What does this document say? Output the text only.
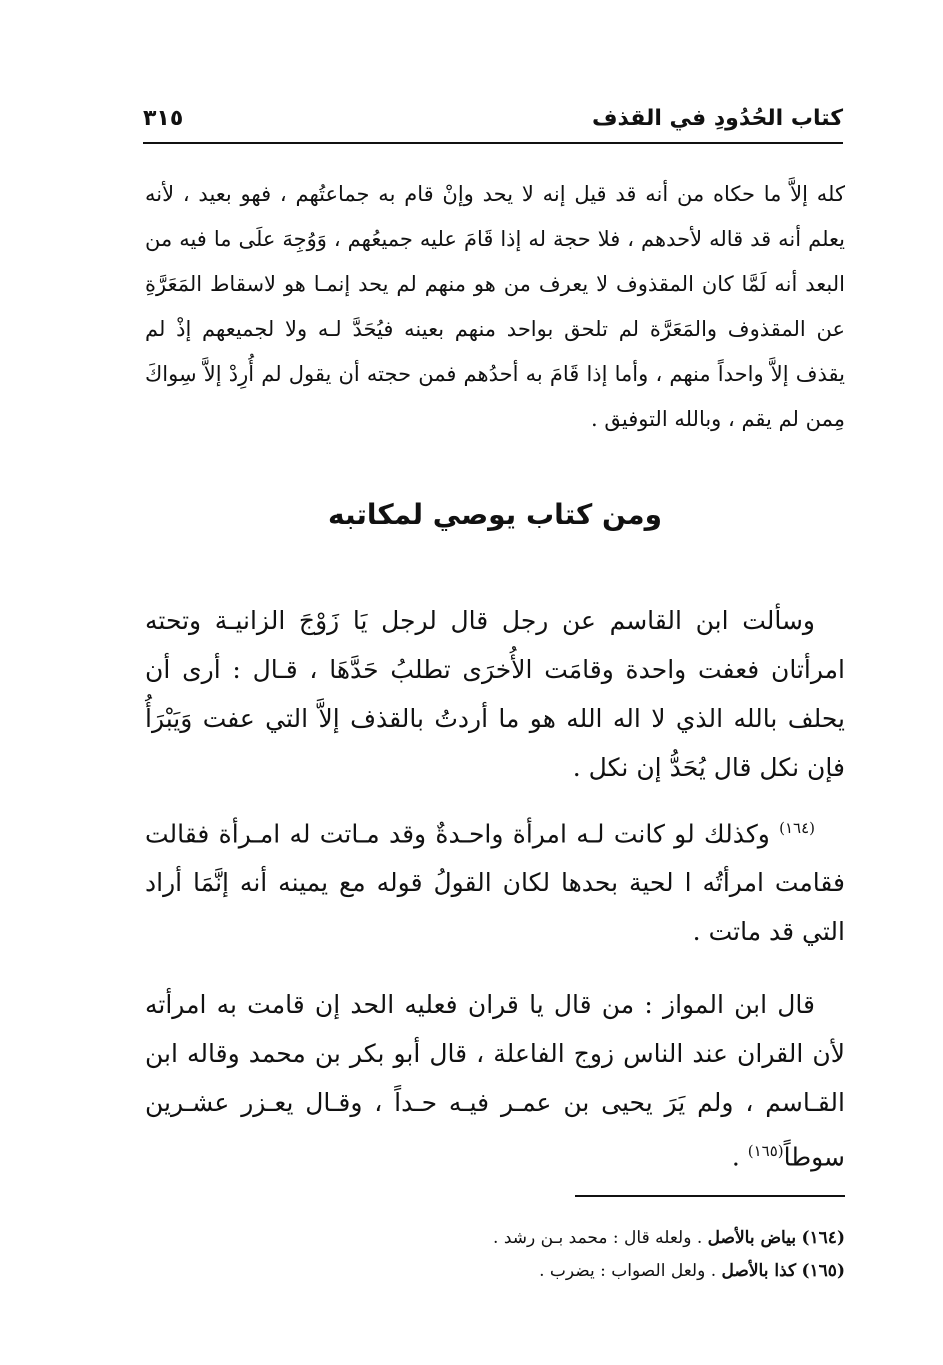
كتاب الحُدُودِ في القذف
٣١٥

كله إلاَّ ما حكاه من أنه قد قيل إنه لا يحد وإنْ قام به جماعتُهم ، فهو بعيد ، لأنه يعلم أنه قد قاله لأحدهم ، فلا حجة له إذا قَامَ عليه جميعُهم ، وَوُجِهَ علَى ما فيه من البعد أنه لَمَّا كان المقذوف لا يعرف من هو منهم لم يحد إنمـا هو لاسقاط المَعَرَّةِ عن المقذوف والمَعَرَّة لم تلحق بواحد منهم بعينه فيُحَدَّ لـه ولا لجميعهم إذْ لم يقذف إلاَّ واحداً منهم ، وأما إذا قَامَ به أحدُهم فمن حجته أن يقول لم أُرِدْ إلاَّ سِواكَ مِمن لم يقم ، وبالله التوفيق .

ومن كتاب يوصي لمكاتبه

وسألت ابن القاسم عن رجل قال لرجل يَا زَوْجَ الزانيـة وتحته امرأتان فعفت واحدة وقامَت الأُخرَى تطلبُ حَدَّهَا ، قـال : أرى أن يحلف بالله الذي لا اله الله هو ما أردتُ بالقذف إلاَّ التي عفت وَيَبْرَأُ فإن نكل قال يُحَدُّ إن نكل .

$^{(١٦٤)}$ وكذلك لو كانت لـه امرأة واحـدةٌ وقد مـاتت له امـرأة فقالت فقامت امرأتُه ا لحية بحدها لكان القولُ قوله مع يمينه أنه إنَّمَا أراد التي قد ماتت .

قال ابن المواز : من قال يا قران فعليه الحد إن قامت به امرأته لأن القران عند الناس زوج الفاعلة ، قال أبو بكر بن محمد وقاله ابن القـاسم ، ولم يَرَ يحيى بن عمـر فيـه حـداً ، وقـال يعـزر عشـرين سوطاً$^{(١٦٥)}$ .

(١٦٤) بياض بالأصل . ولعله قال : محمد بـن رشد .
(١٦٥) كذا بالأصل . ولعل الصواب : يضرب .
